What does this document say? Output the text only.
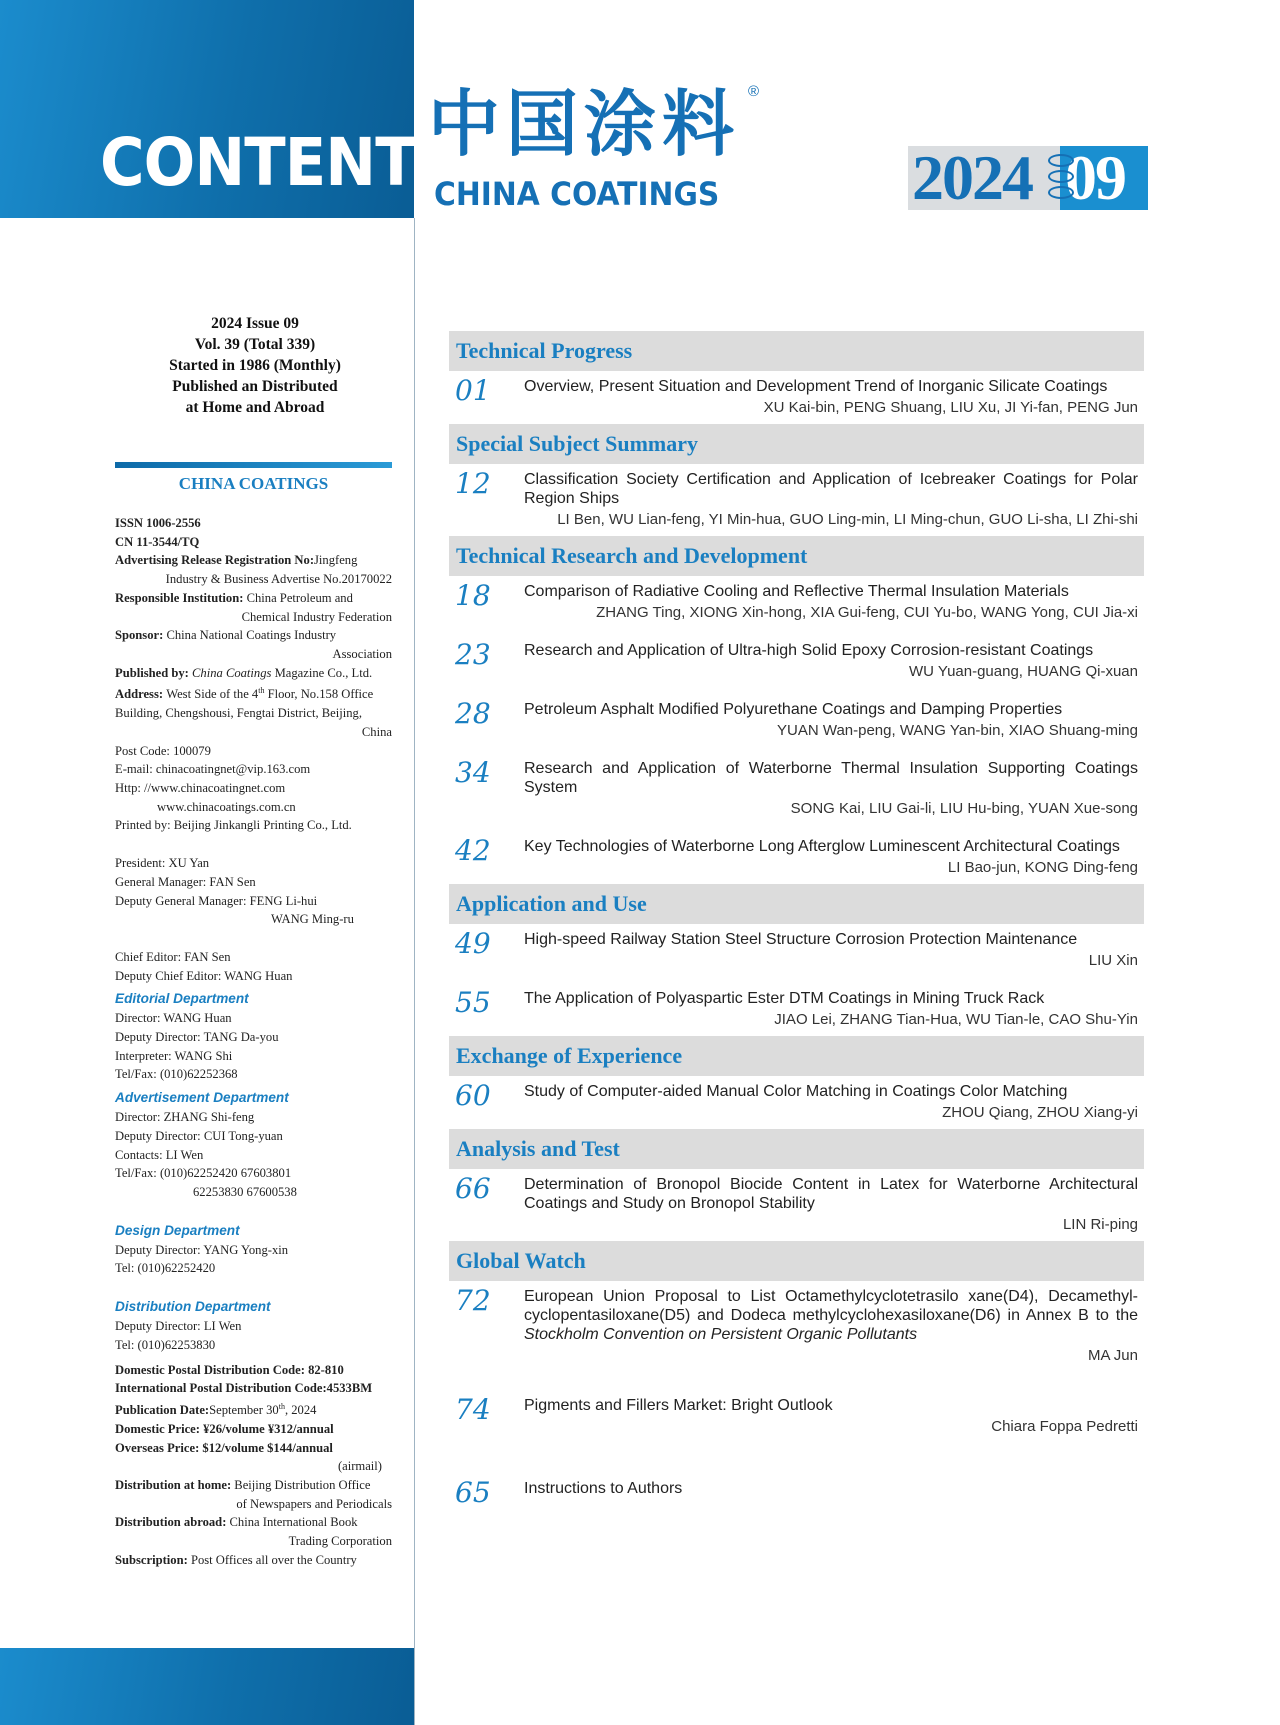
CONTENTS
2024 Issue 09
Vol. 39 (Total 339)
Started in 1986 (Monthly)
Published an Distributed
at Home and Abroad
CHINA COATINGS

ISSN 1006-2556

CN 11-3544/TQ

Advertising Release Registration No:Jingfeng

Industry & Business Advertise No.20170022

Responsible Institution: China Petroleum and

Chemical Industry Federation

Sponsor: China National Coatings Industry

Association

Published by: China Coatings Magazine Co., Ltd.

Address: West Side of the 4th Floor, No.158 Office

Building, Chengshousi, Fengtai District, Beijing,

China

Post Code: 100079

E-mail: chinacoatingnet@vip.163.com

Http: //www.chinacoatingnet.com

www.chinacoatings.com.cn

Printed by: Beijing Jinkangli Printing Co., Ltd.

President: XU Yan

General Manager: FAN Sen

Deputy General Manager: FENG Li-hui

WANG Ming-ru

Chief Editor: FAN Sen

Deputy Chief Editor: WANG Huan

Editorial Department

Director: WANG Huan

Deputy Director: TANG Da-you

Interpreter: WANG Shi

Tel/Fax: (010)62252368

Advertisement Department

Director: ZHANG Shi-feng

Deputy Director: CUI Tong-yuan

Contacts: LI Wen

Tel/Fax: (010)62252420 67603801

62253830 67600538

Design Department

Deputy Director: YANG Yong-xin

Tel: (010)62252420

Distribution Department

Deputy Director: LI Wen

Tel: (010)62253830

Domestic Postal Distribution Code: 82-810

International Postal Distribution Code:4533BM

Publication Date:September 30th, 2024

Domestic Price: ¥26/volume ¥312/annual

Overseas Price: $12/volume $144/annual

(airmail)

Distribution at home: Beijing Distribution Office

of Newspapers and Periodicals

Distribution abroad: China International Book

Trading Corporation

Subscription: Post Offices all over the Country

中国涂料 ®
CHINA COATINGS	2024 09
Technical Progress
01 Overview, Present Situation and Development Trend of Inorganic Silicate Coatings
XU Kai-bin, PENG Shuang, LIU Xu, JI Yi-fan, PENG Jun
Special Subject Summary
12 Classification Society Certification and Application of Icebreaker Coatings for Polar Region Ships
LI Ben, WU Lian-feng, YI Min-hua, GUO Ling-min, LI Ming-chun, GUO Li-sha, LI Zhi-shi
Technical Research and Development
18 Comparison of Radiative Cooling and Reflective Thermal Insulation Materials
ZHANG Ting, XIONG Xin-hong, XIA Gui-feng, CUI Yu-bo, WANG Yong, CUI Jia-xi
23 Research and Application of Ultra-high Solid Epoxy Corrosion-resistant Coatings
WU Yuan-guang, HUANG Qi-xuan
28 Petroleum Asphalt Modified Polyurethane Coatings and Damping Properties
YUAN Wan-peng, WANG Yan-bin, XIAO Shuang-ming
34 Research and Application of Waterborne Thermal Insulation Supporting Coatings System
SONG Kai, LIU Gai-li, LIU Hu-bing, YUAN Xue-song
42 Key Technologies of Waterborne Long Afterglow Luminescent Architectural Coatings
LI Bao-jun, KONG Ding-feng
Application and Use
49 High-speed Railway Station Steel Structure Corrosion Protection Maintenance
LIU Xin
55 The Application of Polyaspartic Ester DTM Coatings in Mining Truck Rack
JIAO Lei, ZHANG Tian-Hua, WU Tian-le, CAO Shu-Yin
Exchange of Experience
60 Study of Computer-aided Manual Color Matching in Coatings Color Matching
ZHOU Qiang, ZHOU Xiang-yi
Analysis and Test
66 Determination of Bronopol Biocide Content in Latex for Waterborne Architectural Coatings and Study on Bronopol Stability
LIN Ri-ping
Global Watch
72 European Union Proposal to List Octamethylcyclotetrasilo xane(D4), Decamethyl-cyclopentasiloxane(D5) and Dodeca methylcyclohexasiloxane(D6) in Annex B to the Stockholm Convention on Persistent Organic Pollutants
MA Jun
74 Pigments and Fillers Market: Bright Outlook
Chiara Foppa Pedretti
65 Instructions to Authors
